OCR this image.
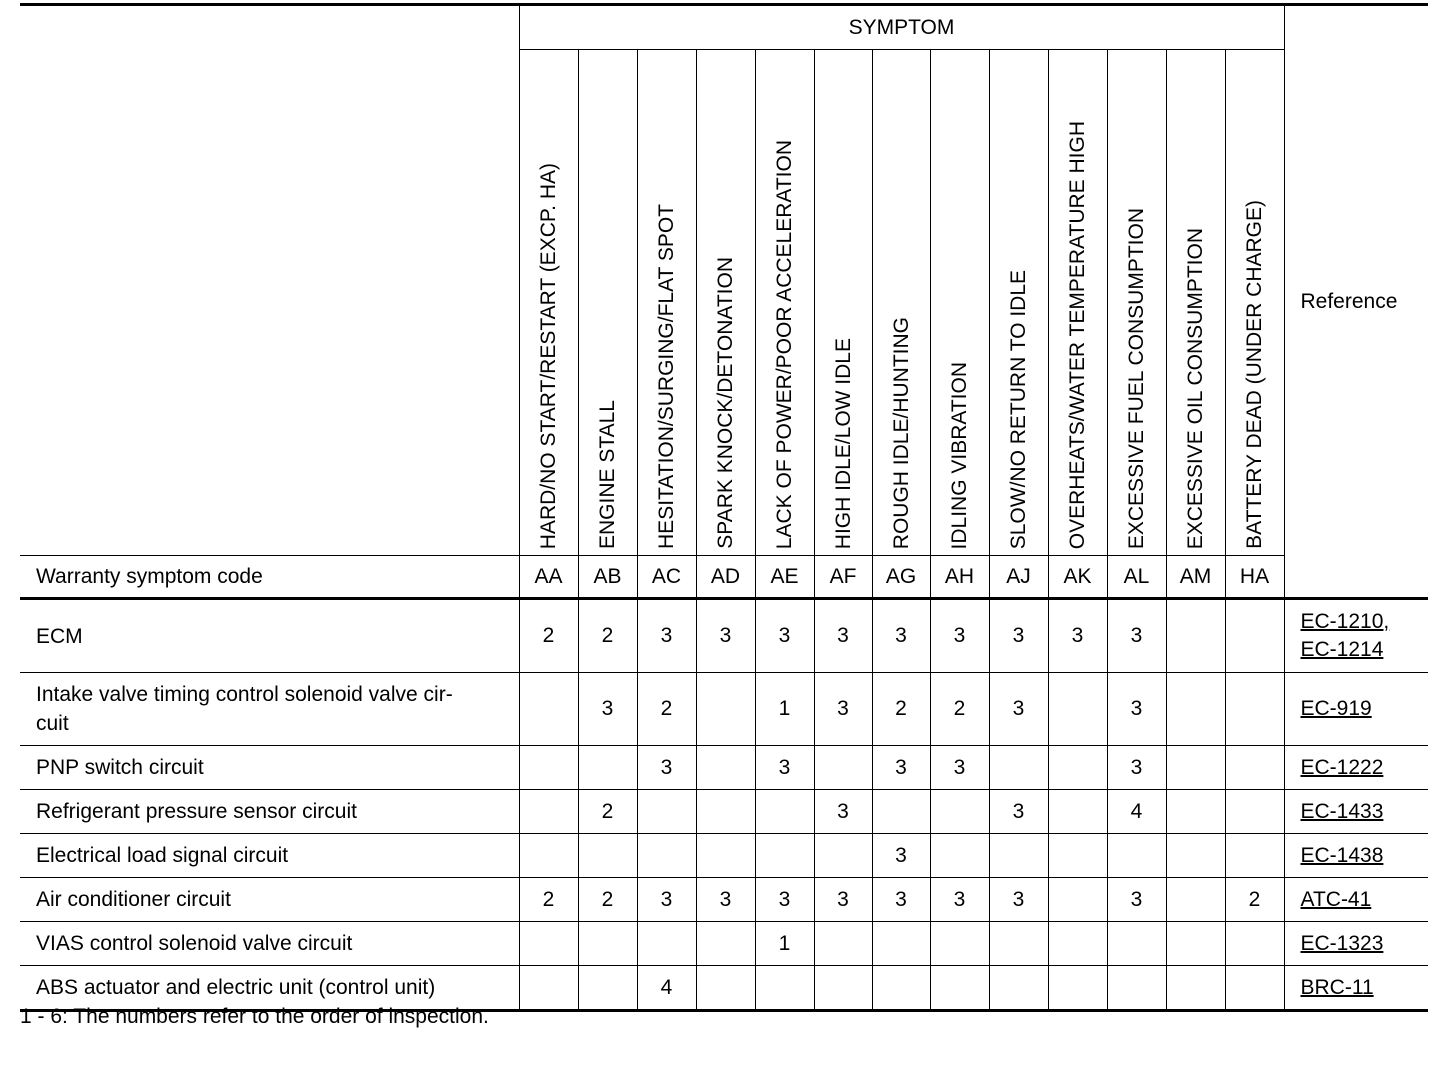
	SYMPTOM													Reference
	HARD/NO START/RESTART (EXCP. HA)	ENGINE STALL	HESITATION/SURGING/FLAT SPOT	SPARK KNOCK/DETONATION	LACK OF POWER/POOR ACCELERATION	HIGH IDLE/LOW IDLE	ROUGH IDLE/HUNTING	IDLING VIBRATION	SLOW/NO RETURN TO IDLE	OVERHEATS/WATER TEMPERATURE HIGH	EXCESSIVE FUEL CONSUMPTION	EXCESSIVE OIL CONSUMPTION	BATTERY DEAD (UNDER CHARGE)	
Warranty symptom code	AA	AB	AC	AD	AE	AF	AG	AH	AJ	AK	AL	AM	HA	
ECM	2	2	3	3	3	3	3	3	3	3	3			EC-1210,
EC-1214
Intake valve timing control solenoid valve cir-
cuit		3	2		1	3	2	2	3		3			EC-919
PNP switch circuit			3		3		3	3			3			EC-1222
Refrigerant pressure sensor circuit		2				3			3		4			EC-1433
Electrical load signal circuit							3							EC-1438
Air conditioner circuit	2	2	3	3	3	3	3	3	3		3		2	ATC-41
VIAS control solenoid valve circuit					1									EC-1323
ABS actuator and electric unit (control unit)			4											BRC-11
1 - 6: The numbers refer to the order of inspection.
